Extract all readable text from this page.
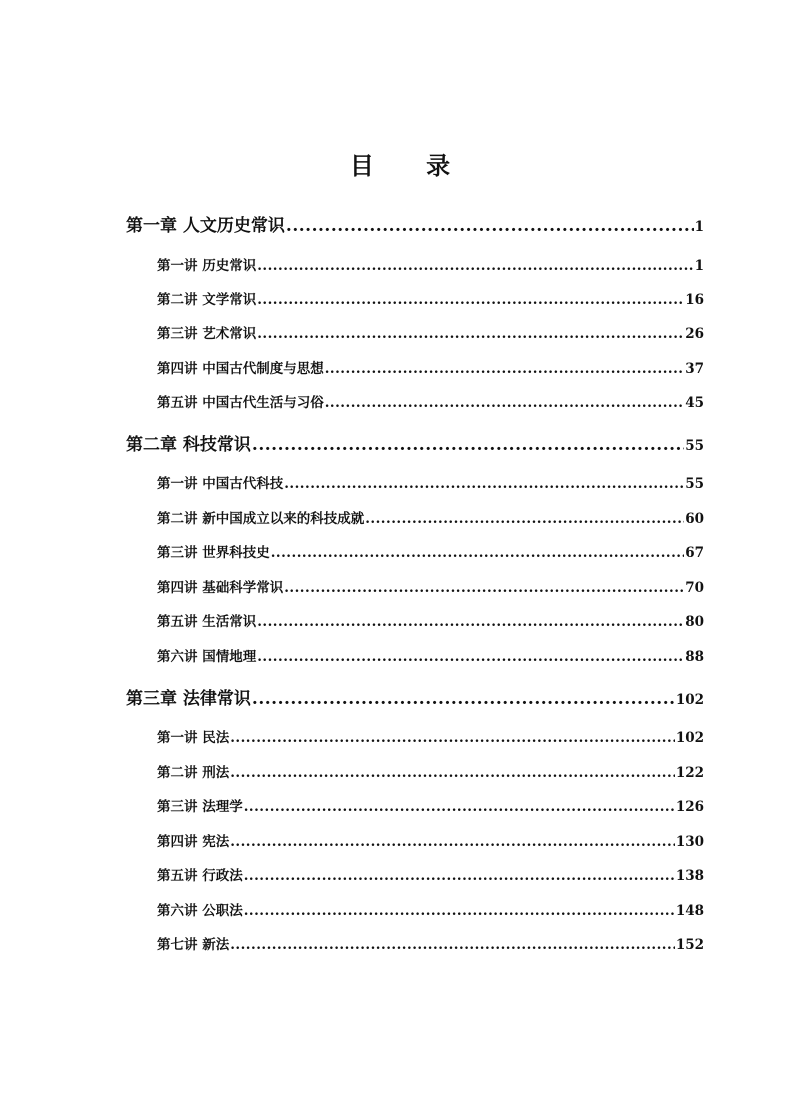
目 录
第一章 人文历史常识 .....	1
第一讲 历史常识 .....	1
第二讲 文学常识 .....	16
第三讲 艺术常识 .....	26
第四讲 中国古代制度与思想 .....	37
第五讲 中国古代生活与习俗 .....	45
第二章 科技常识 .....	55
第一讲 中国古代科技 .....	55
第二讲 新中国成立以来的科技成就 .....	60
第三讲 世界科技史 .....	67
第四讲 基础科学常识 .....	70
第五讲 生活常识 .....	80
第六讲 国情地理 .....	88
第三章 法律常识 .....	102
第一讲 民法 .....	102
第二讲 刑法 .....	122
第三讲 法理学 .....	126
第四讲 宪法 .....	130
第五讲 行政法 .....	138
第六讲 公职法 .....	148
第七讲 新法 .....	152
